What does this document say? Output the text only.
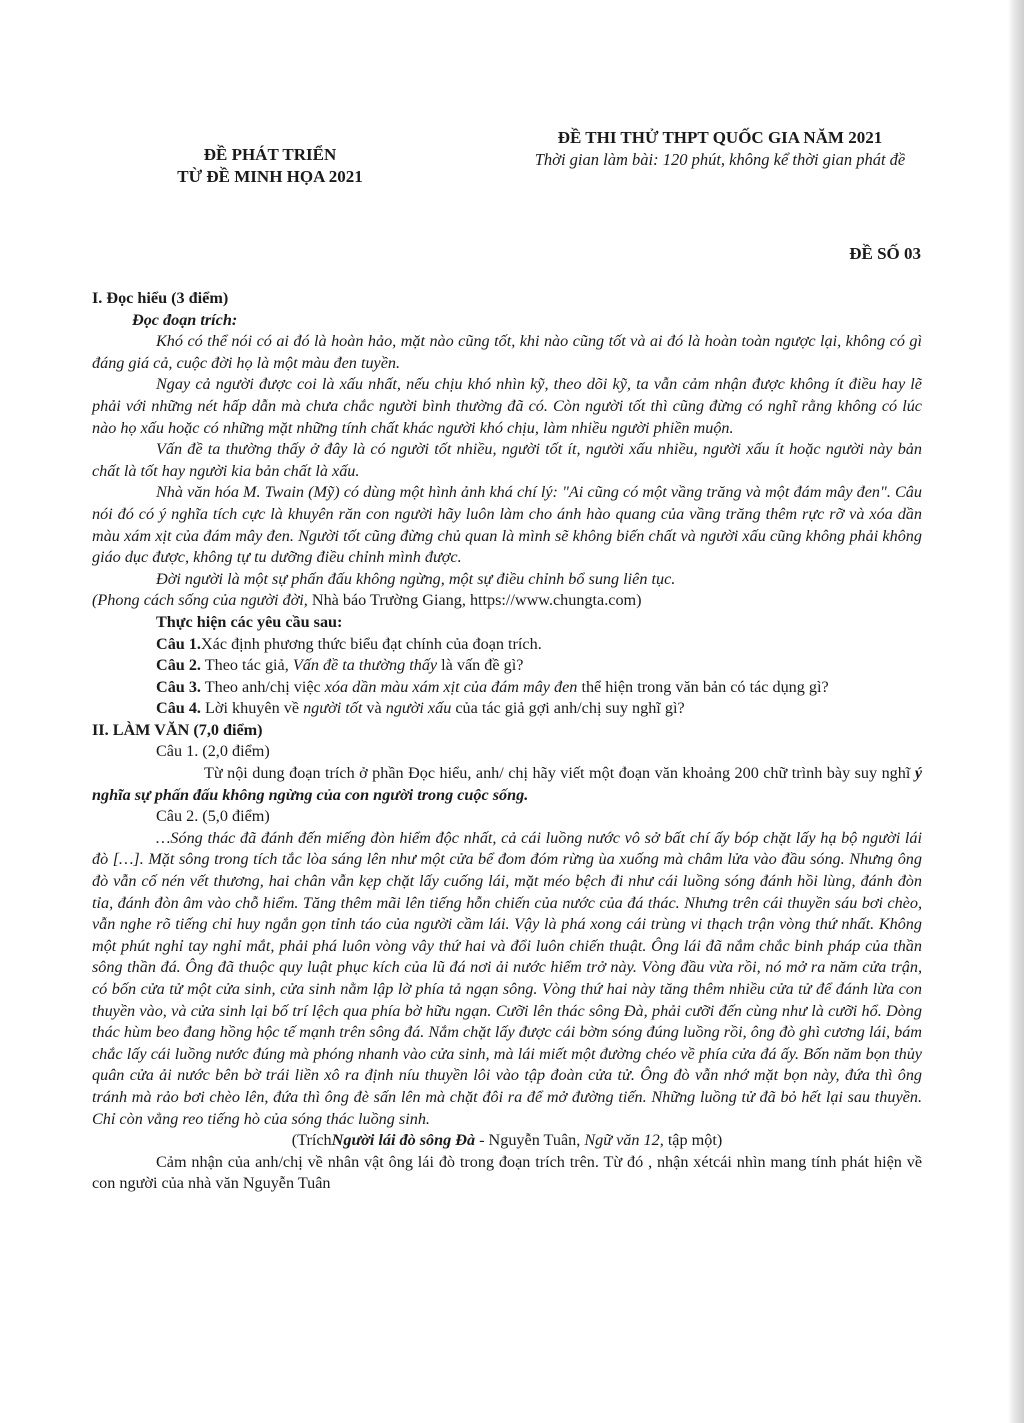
ĐỀ PHÁT TRIỂN
TỪ ĐỀ MINH HỌA 2021
ĐỀ THI THỬ THPT QUỐC GIA NĂM 2021
Thời gian làm bài: 120 phút, không kể thời gian phát đề
ĐỀ SỐ 03

I. Đọc hiểu (3 điểm)

Đọc đoạn trích:

Khó có thể nói có ai đó là hoàn hảo, mặt nào cũng tốt, khi nào cũng tốt và ai đó là hoàn toàn ngược lại, không có gì đáng giá cả, cuộc đời họ là một màu đen tuyền.

Ngay cả người được coi là xấu nhất, nếu chịu khó nhìn kỹ, theo dõi kỹ, ta vẫn cảm nhận được không ít điều hay lẽ phải với những nét hấp dẫn mà chưa chắc người bình thường đã có. Còn người tốt thì cũng đừng có nghĩ rằng không có lúc nào họ xấu hoặc có những mặt những tính chất khác người khó chịu, làm nhiều người phiền muộn.

Vấn đề ta thường thấy ở đây là có người tốt nhiều, người tốt ít, người xấu nhiều, người xấu ít hoặc người này bản chất là tốt hay người kia bản chất là xấu.

Nhà văn hóa M. Twain (Mỹ) có dùng một hình ảnh khá chí lý: "Ai cũng có một vầng trăng và một đám mây đen". Câu nói đó có ý nghĩa tích cực là khuyên răn con người hãy luôn làm cho ánh hào quang của vầng trăng thêm rực rỡ và xóa dần màu xám xịt của đám mây đen. Người tốt cũng đừng chủ quan là mình sẽ không biến chất và người xấu cũng không phải không giáo dục được, không tự tu dưỡng điều chỉnh mình được.

Đời người là một sự phấn đấu không ngừng, một sự điều chỉnh bổ sung liên tục.

(Phong cách sống của người đời, Nhà báo Trường Giang, https://www.chungta.com)

Thực hiện các yêu cầu sau:

Câu 1.Xác định phương thức biểu đạt chính của đoạn trích.

Câu 2. Theo tác giả, Vấn đề ta thường thấy là vấn đề gì?

Câu 3. Theo anh/chị việc xóa dần màu xám xịt của đám mây đen thể hiện trong văn bản có tác dụng gì?

Câu 4. Lời khuyên về người tốt và người xấu của tác giả gợi anh/chị suy nghĩ gì?

II. LÀM VĂN (7,0 điểm)

Câu 1. (2,0 điểm)

Từ nội dung đoạn trích ở phần Đọc hiểu, anh/ chị hãy viết một đoạn văn khoảng 200 chữ trình bày suy nghĩ ý nghĩa sự phấn đấu không ngừng của con người trong cuộc sống.

Câu 2. (5,0 điểm)

…Sóng thác đã đánh đến miếng đòn hiểm độc nhất, cả cái luồng nước vô sở bất chí ấy bóp chặt lấy hạ bộ người lái đò […]. Mặt sông trong tích tắc lòa sáng lên như một cửa bể đom đóm rừng ùa xuống mà châm lửa vào đầu sóng. Nhưng ông đò vẫn cố nén vết thương, hai chân vẫn kẹp chặt lấy cuống lái, mặt méo bệch đi như cái luồng sóng đánh hồi lùng, đánh đòn tỉa, đánh đòn âm vào chỗ hiểm. Tăng thêm mãi lên tiếng hỗn chiến của nước của đá thác. Nhưng trên cái thuyền sáu bơi chèo, vẫn nghe rõ tiếng chỉ huy ngắn gọn tỉnh táo của người cầm lái. Vậy là phá xong cái trùng vi thạch trận vòng thứ nhất. Không một phút nghỉ tay nghỉ mắt, phải phá luôn vòng vây thứ hai và đổi luôn chiến thuật. Ông lái đã nắm chắc binh pháp của thần sông thần đá. Ông đã thuộc quy luật phục kích của lũ đá nơi ải nước hiểm trở này. Vòng đầu vừa rồi, nó mở ra năm cửa trận, có bốn cửa tử một cửa sinh, cửa sinh nằm lập lờ phía tả ngạn sông. Vòng thứ hai này tăng thêm nhiều cửa tử để đánh lừa con thuyền vào, và cửa sinh lại bố trí lệch qua phía bờ hữu ngạn. Cưỡi lên thác sông Đà, phải cưỡi đến cùng như là cưỡi hổ. Dòng thác hùm beo đang hồng hộc tế mạnh trên sông đá. Nắm chặt lấy được cái bờm sóng đúng luồng rồi, ông đò ghì cương lái, bám chắc lấy cái luồng nước đúng mà phóng nhanh vào cửa sinh, mà lái miết một đường chéo về phía cửa đá ấy. Bốn năm bọn thủy quân cửa ải nước bên bờ trái liền xô ra định níu thuyền lôi vào tập đoàn cửa tử. Ông đò vẫn nhớ mặt bọn này, đứa thì ông tránh mà rảo bơi chèo lên, đứa thì ông đè sấn lên mà chặt đôi ra để mở đường tiến. Những luồng tử đã bỏ hết lại sau thuyền. Chỉ còn vẳng reo tiếng hò của sóng thác luồng sinh.

(TríchNgười lái đò sông Đà - Nguyễn Tuân, Ngữ văn 12, tập một)

Cảm nhận của anh/chị về nhân vật ông lái đò trong đoạn trích trên. Từ đó , nhận xétcái nhìn mang tính phát hiện về con người của nhà văn Nguyễn Tuân
